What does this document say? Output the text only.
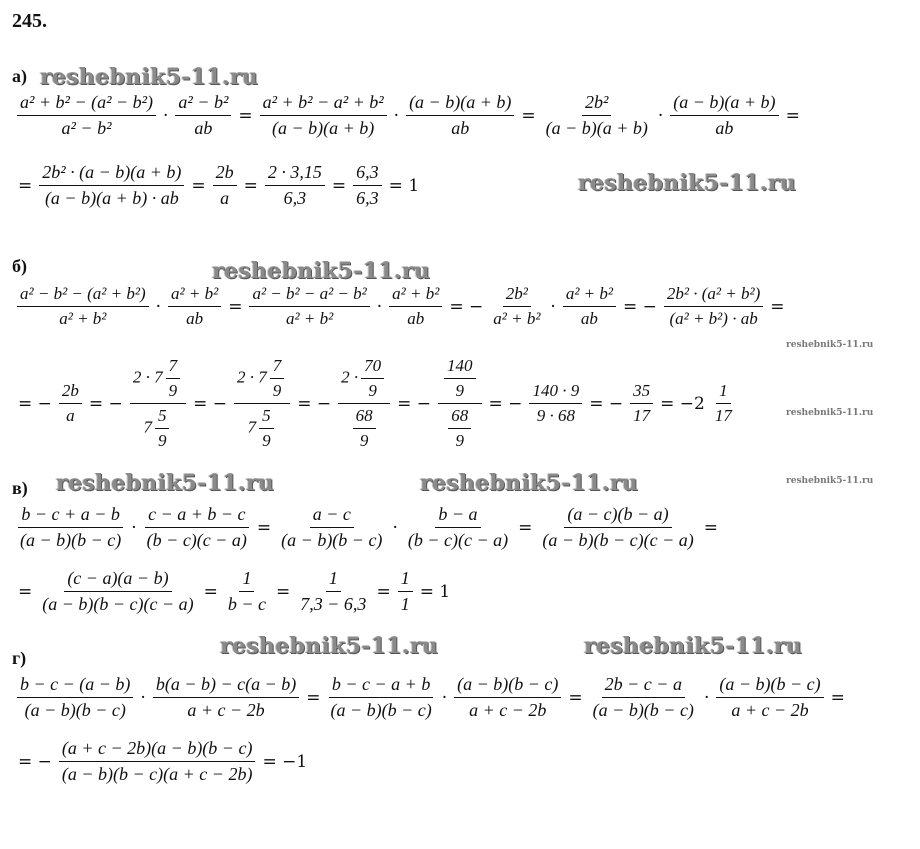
245.
reshebnik5-11.ru
reshebnik5-11.ru
reshebnik5-11.ru
reshebnik5-11.ru
reshebnik5-11.ru
reshebnik5-11.ru
reshebnik5-11.ru	reshebnik5-11.ru
reshebnik5-11.ru	reshebnik5-11.ru
а)
б)
в)
г)
$\frac{\text{a² + b² − (a² − b²)}}{\text{a² − b²}} \cdot \frac{\text{a² − b²}}{ab} = \frac{\text{a² + b² − a² + b²}}{(a - b)(a + b)} \cdot \frac{(a - b)(a + b)}{ab} = \frac{\text{2b²}}{(a - b)(a + b)} \cdot \frac{(a - b)(a + b)}{ab}$ =
= $\frac{\text{2b² · (a − b)(a + b)}}{(a - b)(a + b) \cdot ab} = \frac{2b}{a} = \frac{2 \cdot 3,15}{6,3} = \frac{6,3}{6,3} = 1$
$\frac{\text{a² − b² − (a² + b²)}}{\text{a² + b²}} \cdot \frac{\text{a² + b²}}{ab} = \frac{\text{a² − b² − a² − b²}}{\text{a² + b²}} \cdot \frac{\text{a² + b²}}{ab}$ = − $\frac{\text{2b²}}{\text{a² + b²}} \cdot \frac{\text{a² + b²}}{ab}$ = − $\frac{\text{2b² · (a² + b²)}}{\text{(a² + b²) · ab}}$ =
= − $\frac{2b}{a}$ = − $\frac{2 \cdot 7 \frac{7}{9}}{7 \frac{5}{9}}$ = − $\frac{2 \cdot 7 \frac{7}{9}}{7 \frac{5}{9}}$ = − $\frac{2 \cdot \frac{70}{9}}{\frac{68}{9}}$ = − $\frac{\frac{140}{9}}{\frac{68}{9}}$ = − $\frac{140 \cdot 9}{9 \cdot 68}$ = − $\frac{35}{17} = -2 \frac{1}{17}$
$\frac{b - c + a - b}{(a - b)(b - c)} \cdot \frac{c - a + b - c}{(b - c)(c - a)} = \frac{a - c}{(a - b)(b - c)} \cdot \frac{b - a}{(b - c)(c - a)} = \frac{(a - c)(b - a)}{(a - b)(b - c)(c - a)}$ =
= $\frac{(c - a)(a - b)}{(a - b)(b - c)(c - a)} = \frac{1}{b - c} = \frac{1}{7,3 - 6,3} = \frac{1}{1} = 1$
$\frac{b - c - (a - b)}{(a - b)(b - c)} \cdot \frac{b(a - b) - c(a - b)}{a + c - 2b} = \frac{b - c - a + b}{(a - b)(b - c)} \cdot \frac{(a - b)(b - c)}{a + c - 2b} = \frac{2b - c - a}{(a - b)(b - c)} \cdot \frac{(a - b)(b - c)}{a + c - 2b}$ =
= − $\frac{(a + c - 2b)(a - b)(b - c)}{(a - b)(b - c)(a + c - 2b)} = -1$
